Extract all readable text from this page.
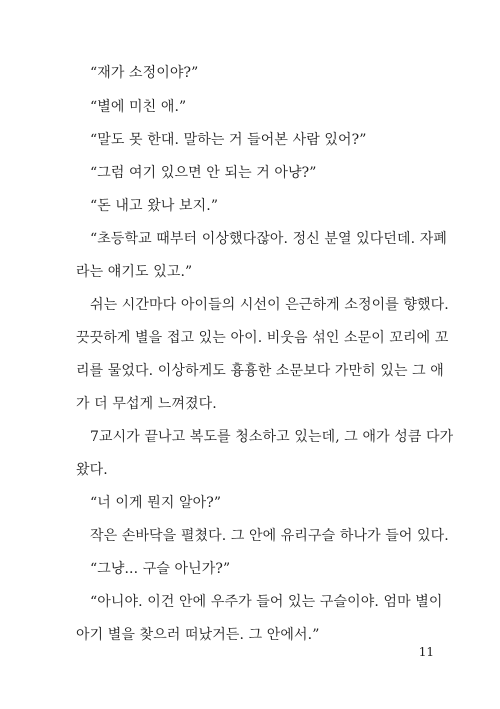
“재가 소정이야?”
“별에 미친 애.”
“말도 못 한대. 말하는 거 들어본 사람 있어?”
“그럼 여기 있으면 안 되는 거 아냥?”
“돈 내고 왔나 보지.”
“초등학교 때부터 이상했다잖아. 정신 분열 있다던데. 자폐
라는 얘기도 있고.”
쉬는 시간마다 아이들의 시선이 은근하게 소정이를 향했다.
끗끗하게 별을 접고 있는 아이. 비웃음 섞인 소문이 꼬리에 꼬
리를 물었다. 이상하게도 흉흉한 소문보다 가만히 있는 그 애
가 더 무섭게 느껴졌다.
7교시가 끝나고 복도를 청소하고 있는데, 그 애가 성큼 다가
왔다.
“너 이게 뭔지 알아?”
작은 손바닥을 펼쳤다. 그 안에 유리구슬 하나가 들어 있다.
“그냥... 구슬 아닌가?”
“아니야. 이건 안에 우주가 들어 있는 구슬이야. 엄마 별이
아기 별을 찾으러 떠났거든. 그 안에서.”
11
